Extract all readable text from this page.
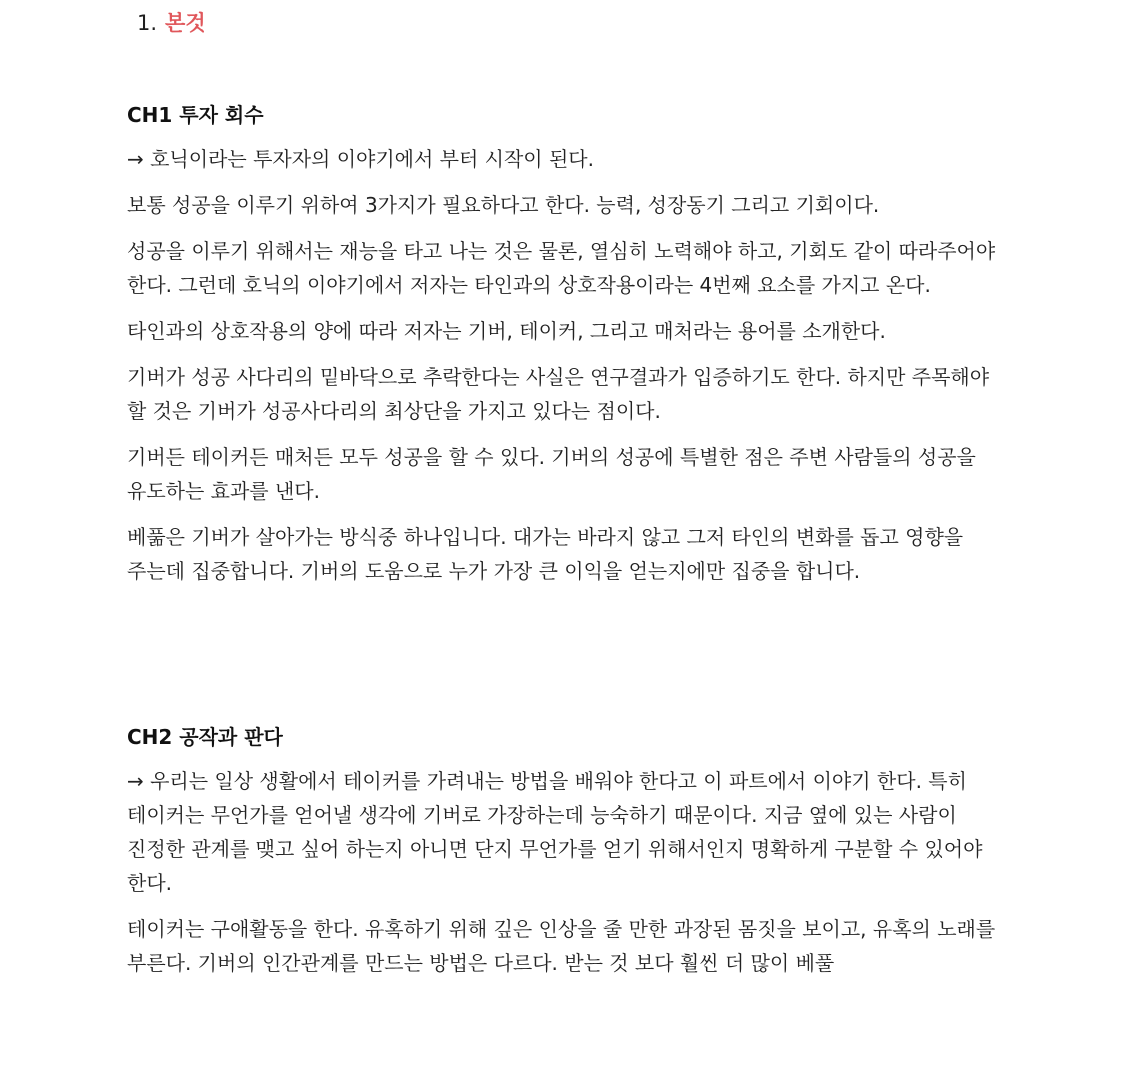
1. 본것
CH1 투자 회수

→ 호닉이라는 투자자의 이야기에서 부터 시작이 된다.

보통 성공을 이루기 위하여 3가지가 필요하다고 한다. 능력, 성장동기 그리고 기회이다.

성공을 이루기 위해서는 재능을 타고 나는 것은 물론, 열심히 노력해야 하고, 기회도 같이 따라주어야 한다. 그런데 호닉의 이야기에서 저자는 타인과의 상호작용이라는 4번째 요소를 가지고 온다.

타인과의 상호작용의 양에 따라 저자는 기버, 테이커, 그리고 매처라는 용어를 소개한다.

기버가 성공 사다리의 밑바닥으로 추락한다는 사실은 연구결과가 입증하기도 한다. 하지만 주목해야 할 것은 기버가 성공사다리의 최상단을 가지고 있다는 점이다.

기버든 테이커든 매처든 모두 성공을 할 수 있다. 기버의 성공에 특별한 점은 주변 사람들의 성공을 유도하는 효과를 낸다.

베풂은 기버가 살아가는 방식중 하나입니다. 대가는 바라지 않고 그저 타인의 변화를 돕고 영향을 주는데 집중합니다. 기버의 도움으로 누가 가장 큰 이익을 얻는지에만 집중을 합니다.

CH2 공작과 판다

→ 우리는 일상 생활에서 테이커를 가려내는 방법을 배워야 한다고 이 파트에서 이야기 한다. 특히 테이커는 무언가를 얻어낼 생각에 기버로 가장하는데 능숙하기 때문이다. 지금 옆에 있는 사람이 진정한 관계를 맺고 싶어 하는지 아니면 단지 무언가를 얻기 위해서인지 명확하게 구분할 수 있어야 한다.

테이커는 구애활동을 한다. 유혹하기 위해 깊은 인상을 줄 만한 과장된 몸짓을 보이고, 유혹의 노래를 부른다. 기버의 인간관계를 만드는 방법은 다르다. 받는 것 보다 훨씬 더 많이 베풀
